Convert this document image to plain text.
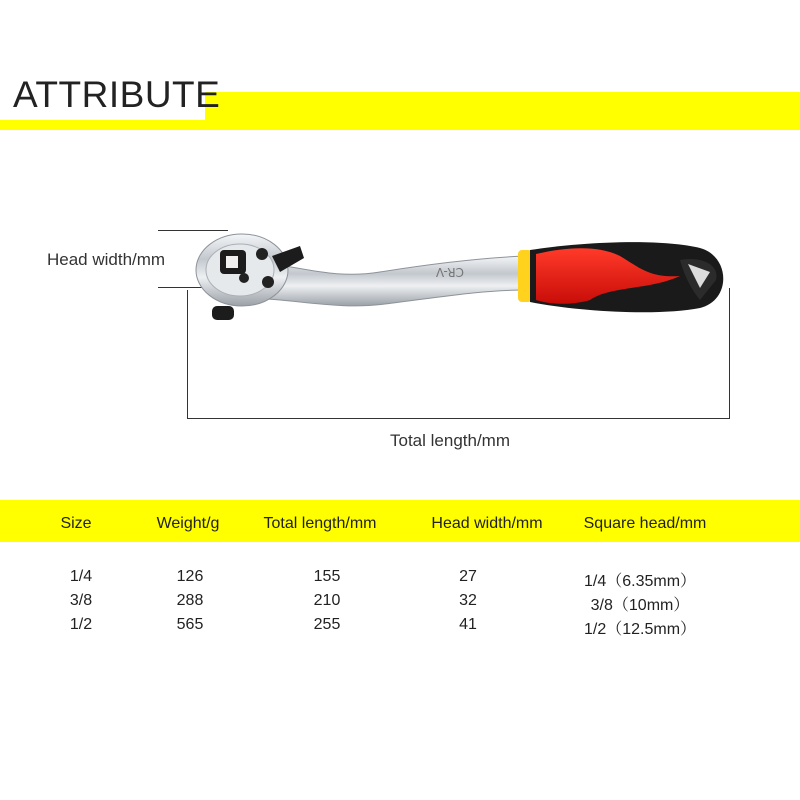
ATTRIBUTE
Head width/mm
Total length/mm
CR-V
Size	Weight/g	Total length/mm	Head width/mm	Square head/mm
1/4	126	155	27	1/4（6.35mm）
3/8	288	210	32	3/8（10mm）
1/2	565	255	41	1/2（12.5mm）
